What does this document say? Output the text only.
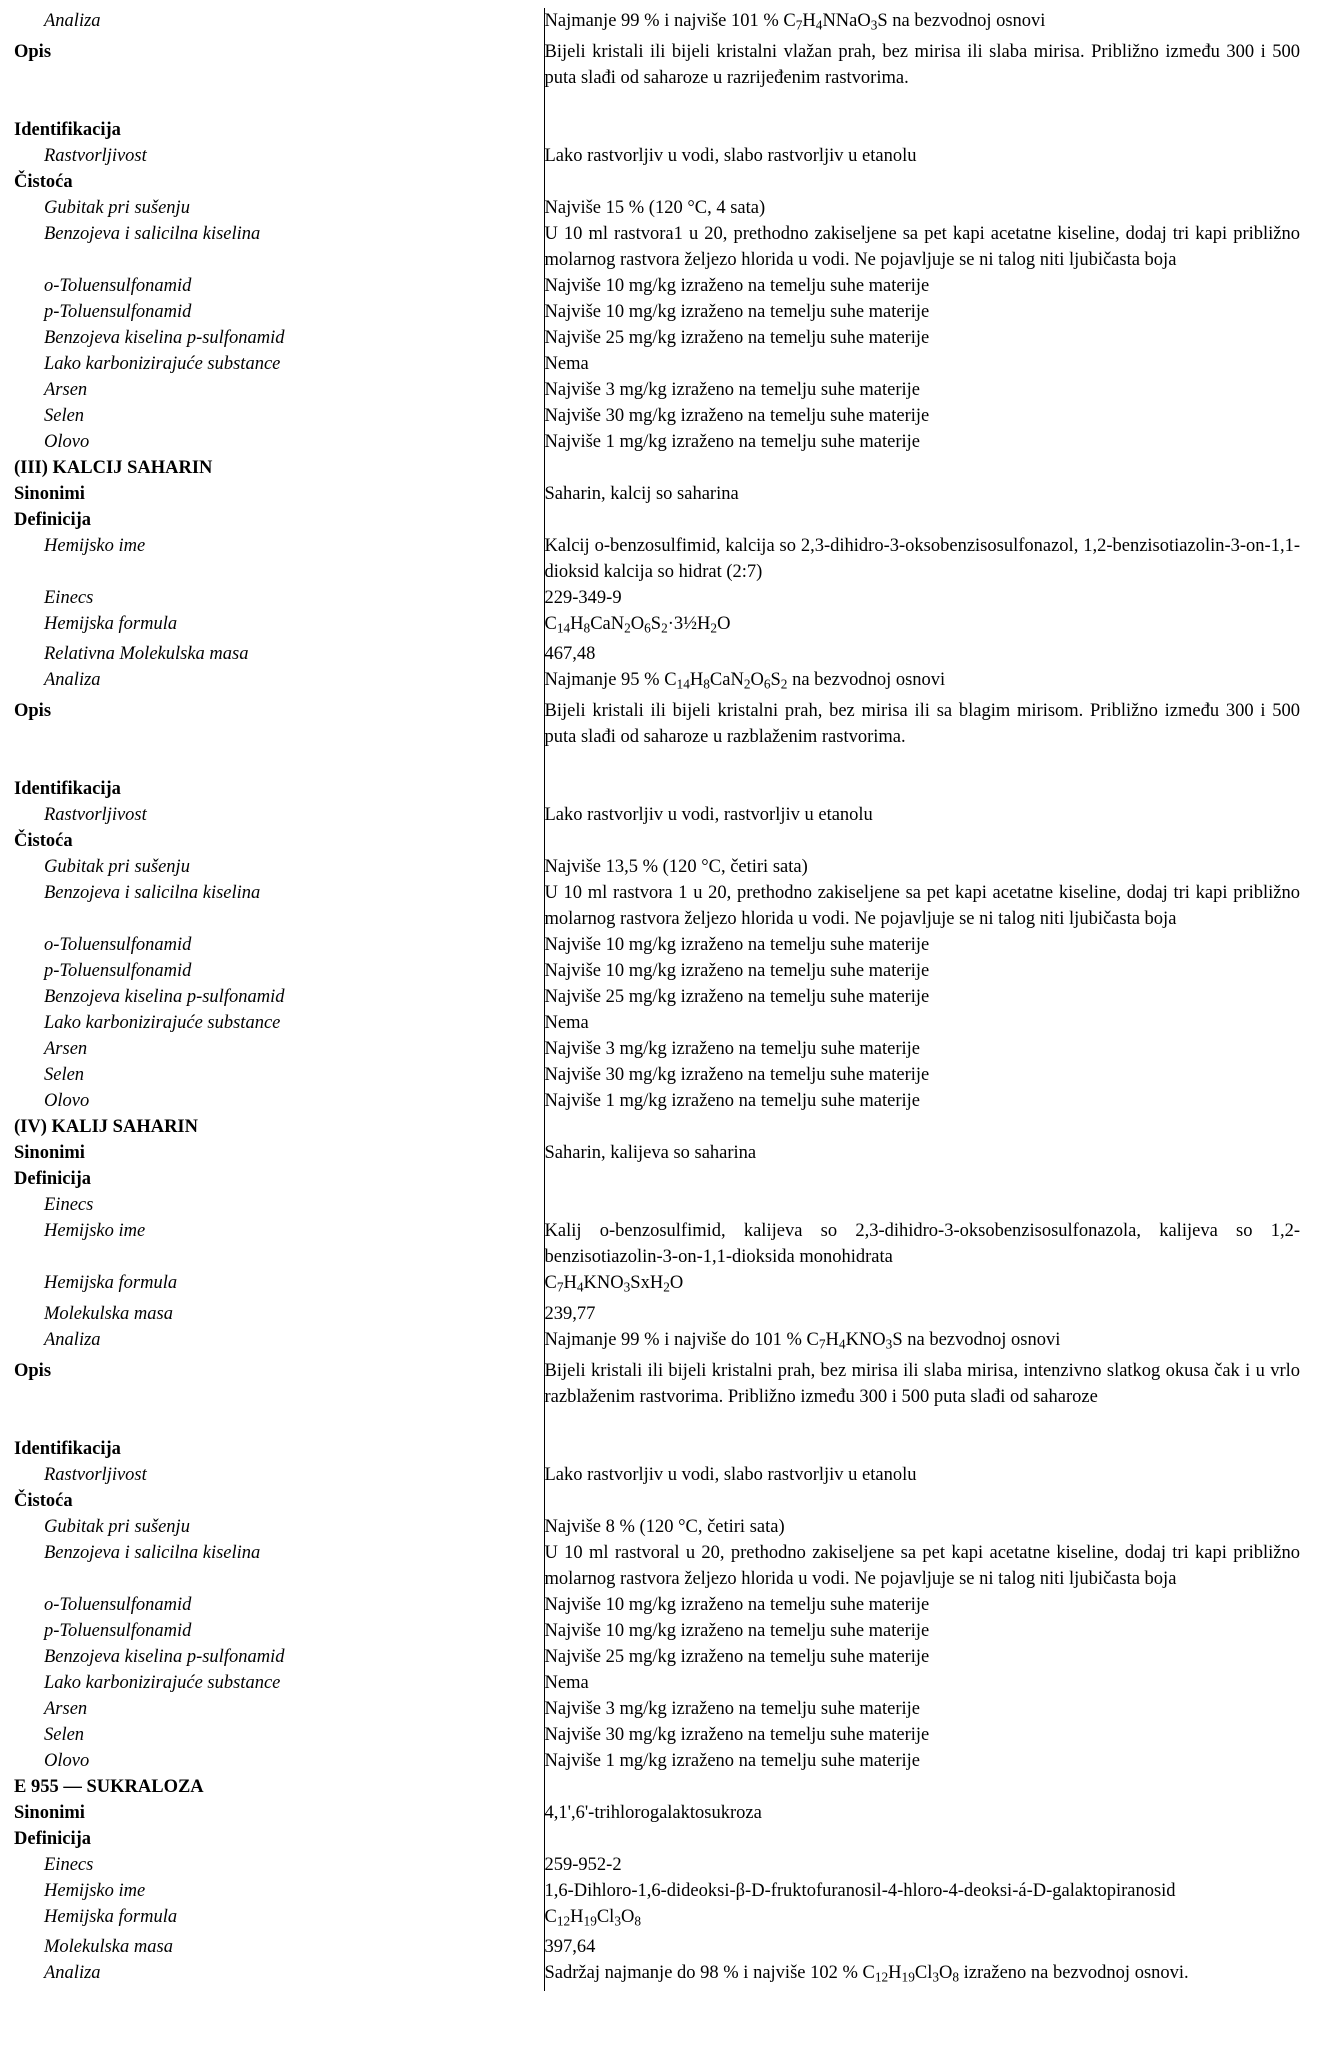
Analiza	Najmanje 99 % i najviše 101 % $C_7H_4NNaO_3S$ na bezvodnoj osnovi

Opis	Bijeli kristali ili bijeli kristalni vlažan prah, bez mirisa ili slaba mirisa. Približno između 300 i 500 puta slađi od saharoze u razrijeđenim rastvorima.

Identifikacija	

Rastvorljivost	Lako rastvorljiv u vodi, slabo rastvorljiv u etanolu

Čistoća	

Gubitak pri sušenju	Najviše 15 % (120 °C, 4 sata)

Benzojeva i salicilna kiselina	U 10 ml rastvora1 u 20, prethodno zakiseljene sa pet kapi acetatne kiseline, dodaj tri kapi približno molarnog rastvora željezo hlorida u vodi. Ne pojavljuje se ni talog niti ljubičasta boja

o-Toluensulfonamid	Najviše 10 mg/kg izraženo na temelju suhe materije

p-Toluensulfonamid	Najviše 10 mg/kg izraženo na temelju suhe materije

Benzojeva kiselina p-sulfonamid	Najviše 25 mg/kg izraženo na temelju suhe materije

Lako karbonizirajuće substance	Nema

Arsen	Najviše 3 mg/kg izraženo na temelju suhe materije

Selen	Najviše 30 mg/kg izraženo na temelju suhe materije

Olovo	Najviše 1 mg/kg izraženo na temelju suhe materije

(III) KALCIJ SAHARIN	

Sinonimi	Saharin, kalcij so saharina

Definicija	

Hemijsko ime	Kalcij o-benzosulfimid, kalcija so 2,3-dihidro-3-oksobenzisosulfonazol, 1,2-benzisotiazolin-3-on-1,1-dioksid kalcija so hidrat (2:7)

Einecs	229-349-9

Hemijska formula	$C_{14}H_8CaN_2O_6S_2\cdot 3\frac{1}{2}H_2O$

Relativna Molekulska masa	467,48

Analiza	Najmanje 95 % $C_{14}H_8CaN_2O_6S_2$ na bezvodnoj osnovi

Opis	Bijeli kristali ili bijeli kristalni prah, bez mirisa ili sa blagim mirisom. Približno između 300 i 500 puta slađi od saharoze u razblaženim rastvorima.

Identifikacija	

Rastvorljivost	Lako rastvorljiv u vodi, rastvorljiv u etanolu

Čistoća	

Gubitak pri sušenju	Najviše 13,5 % (120 °C, četiri sata)

Benzojeva i salicilna kiselina	U 10 ml rastvora 1 u 20, prethodno zakiseljene sa pet kapi acetatne kiseline, dodaj tri kapi približno molarnog rastvora željezo hlorida u vodi. Ne pojavljuje se ni talog niti ljubičasta boja

o-Toluensulfonamid	Najviše 10 mg/kg izraženo na temelju suhe materije

p-Toluensulfonamid	Najviše 10 mg/kg izraženo na temelju suhe materije

Benzojeva kiselina p-sulfonamid	Najviše 25 mg/kg izraženo na temelju suhe materije

Lako karbonizirajuće substance	Nema

Arsen	Najviše 3 mg/kg izraženo na temelju suhe materije

Selen	Najviše 30 mg/kg izraženo na temelju suhe materije

Olovo	Najviše 1 mg/kg izraženo na temelju suhe materije

(IV) KALIJ SAHARIN	

Sinonimi	Saharin, kalijeva so saharina

Definicija	

Einecs	

Hemijsko ime	Kalij o-benzosulfimid, kalijeva so 2,3-dihidro-3-oksobenzisosulfonazola, kalijeva so 1,2-benzisotiazolin-3-on-1,1-dioksida monohidrata

Hemijska formula	$C_7H_4KNO_3SxH_2O$

Molekulska masa	239,77

Analiza	Najmanje 99 % i najviše do 101 % $C_7H_4KNO_3S$ na bezvodnoj osnovi

Opis	Bijeli kristali ili bijeli kristalni prah, bez mirisa ili slaba mirisa, intenzivno slatkog okusa čak i u vrlo razblaženim rastvorima. Približno između 300 i 500 puta slađi od saharoze

Identifikacija	

Rastvorljivost	Lako rastvorljiv u vodi, slabo rastvorljiv u etanolu

Čistoća	

Gubitak pri sušenju	Najviše 8 % (120 °C, četiri sata)

Benzojeva i salicilna kiselina	U 10 ml rastvoral u 20, prethodno zakiseljene sa pet kapi acetatne kiseline, dodaj tri kapi približno molarnog rastvora željezo hlorida u vodi. Ne pojavljuje se ni talog niti ljubičasta boja

o-Toluensulfonamid	Najviše 10 mg/kg izraženo na temelju suhe materije

p-Toluensulfonamid	Najviše 10 mg/kg izraženo na temelju suhe materije

Benzojeva kiselina p-sulfonamid	Najviše 25 mg/kg izraženo na temelju suhe materije

Lako karbonizirajuće substance	Nema

Arsen	Najviše 3 mg/kg izraženo na temelju suhe materije

Selen	Najviše 30 mg/kg izraženo na temelju suhe materije

Olovo	Najviše 1 mg/kg izraženo na temelju suhe materije

E 955 — SUKRALOZA	

Sinonimi	4,1',6'-trihlorogalaktosukroza

Definicija	

Einecs	259-952-2

Hemijsko ime	1,6-Dihloro-1,6-dideoksi-β-D-fruktofuranosil-4-hloro-4-deoksi-á-D-galaktopiranosid

Hemijska formula	$C_{12}H_{19}Cl_3O_8$

Molekulska masa	397,64

Analiza	Sadržaj najmanje do 98 % i najviše 102 % $C_{12}H_{19}Cl_3O_8$ izraženo na bezvodnoj osnovi.
